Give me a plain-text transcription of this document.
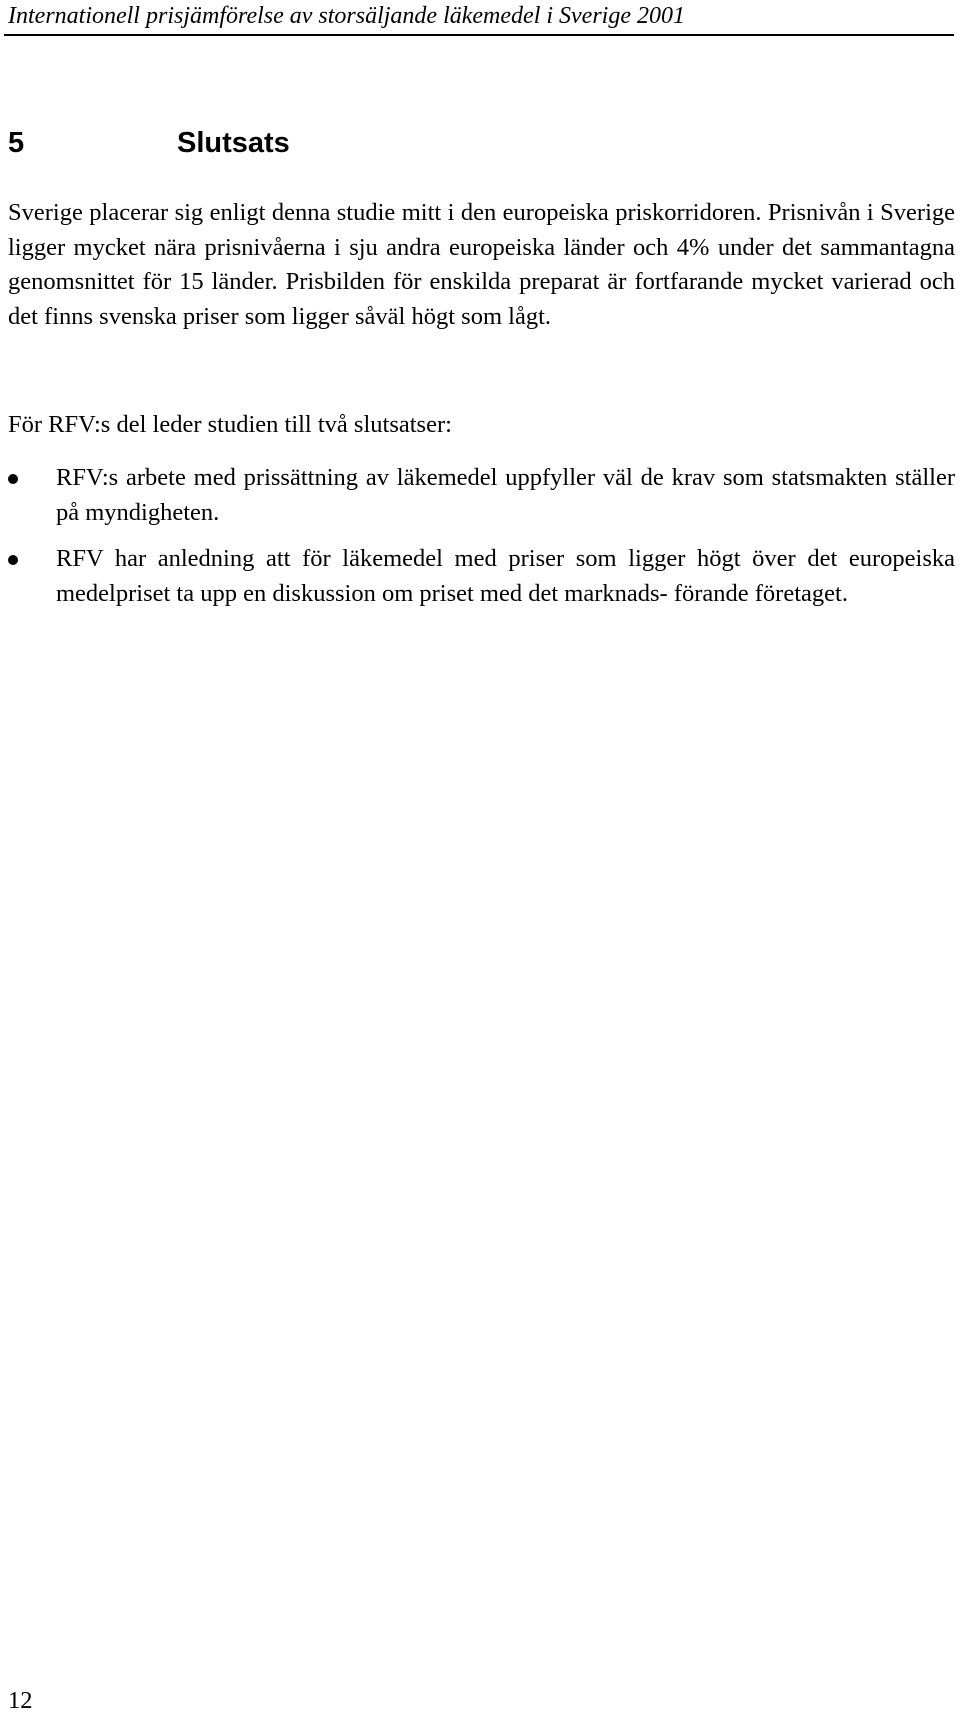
Internationell prisjämförelse av storsäljande läkemedel i Sverige 2001
5	Slutsats

Sverige placerar sig enligt denna studie mitt i den europeiska priskorridoren. Prisnivån i Sverige ligger mycket nära prisnivåerna i sju andra europeiska länder och 4% under det sammantagna genomsnittet för 15 länder. Prisbilden för enskilda preparat är fortfarande mycket varierad och det finns svenska priser som ligger såväl högt som lågt.

För RFV:s del leder studien till två slutsatser:

RFV:s arbete med prissättning av läkemedel uppfyller väl de krav som statsmakten ställer på myndigheten.
RFV har anledning att för läkemedel med priser som ligger högt över det europeiska medelpriset ta upp en diskussion om priset med det marknads- förande företaget.
12
